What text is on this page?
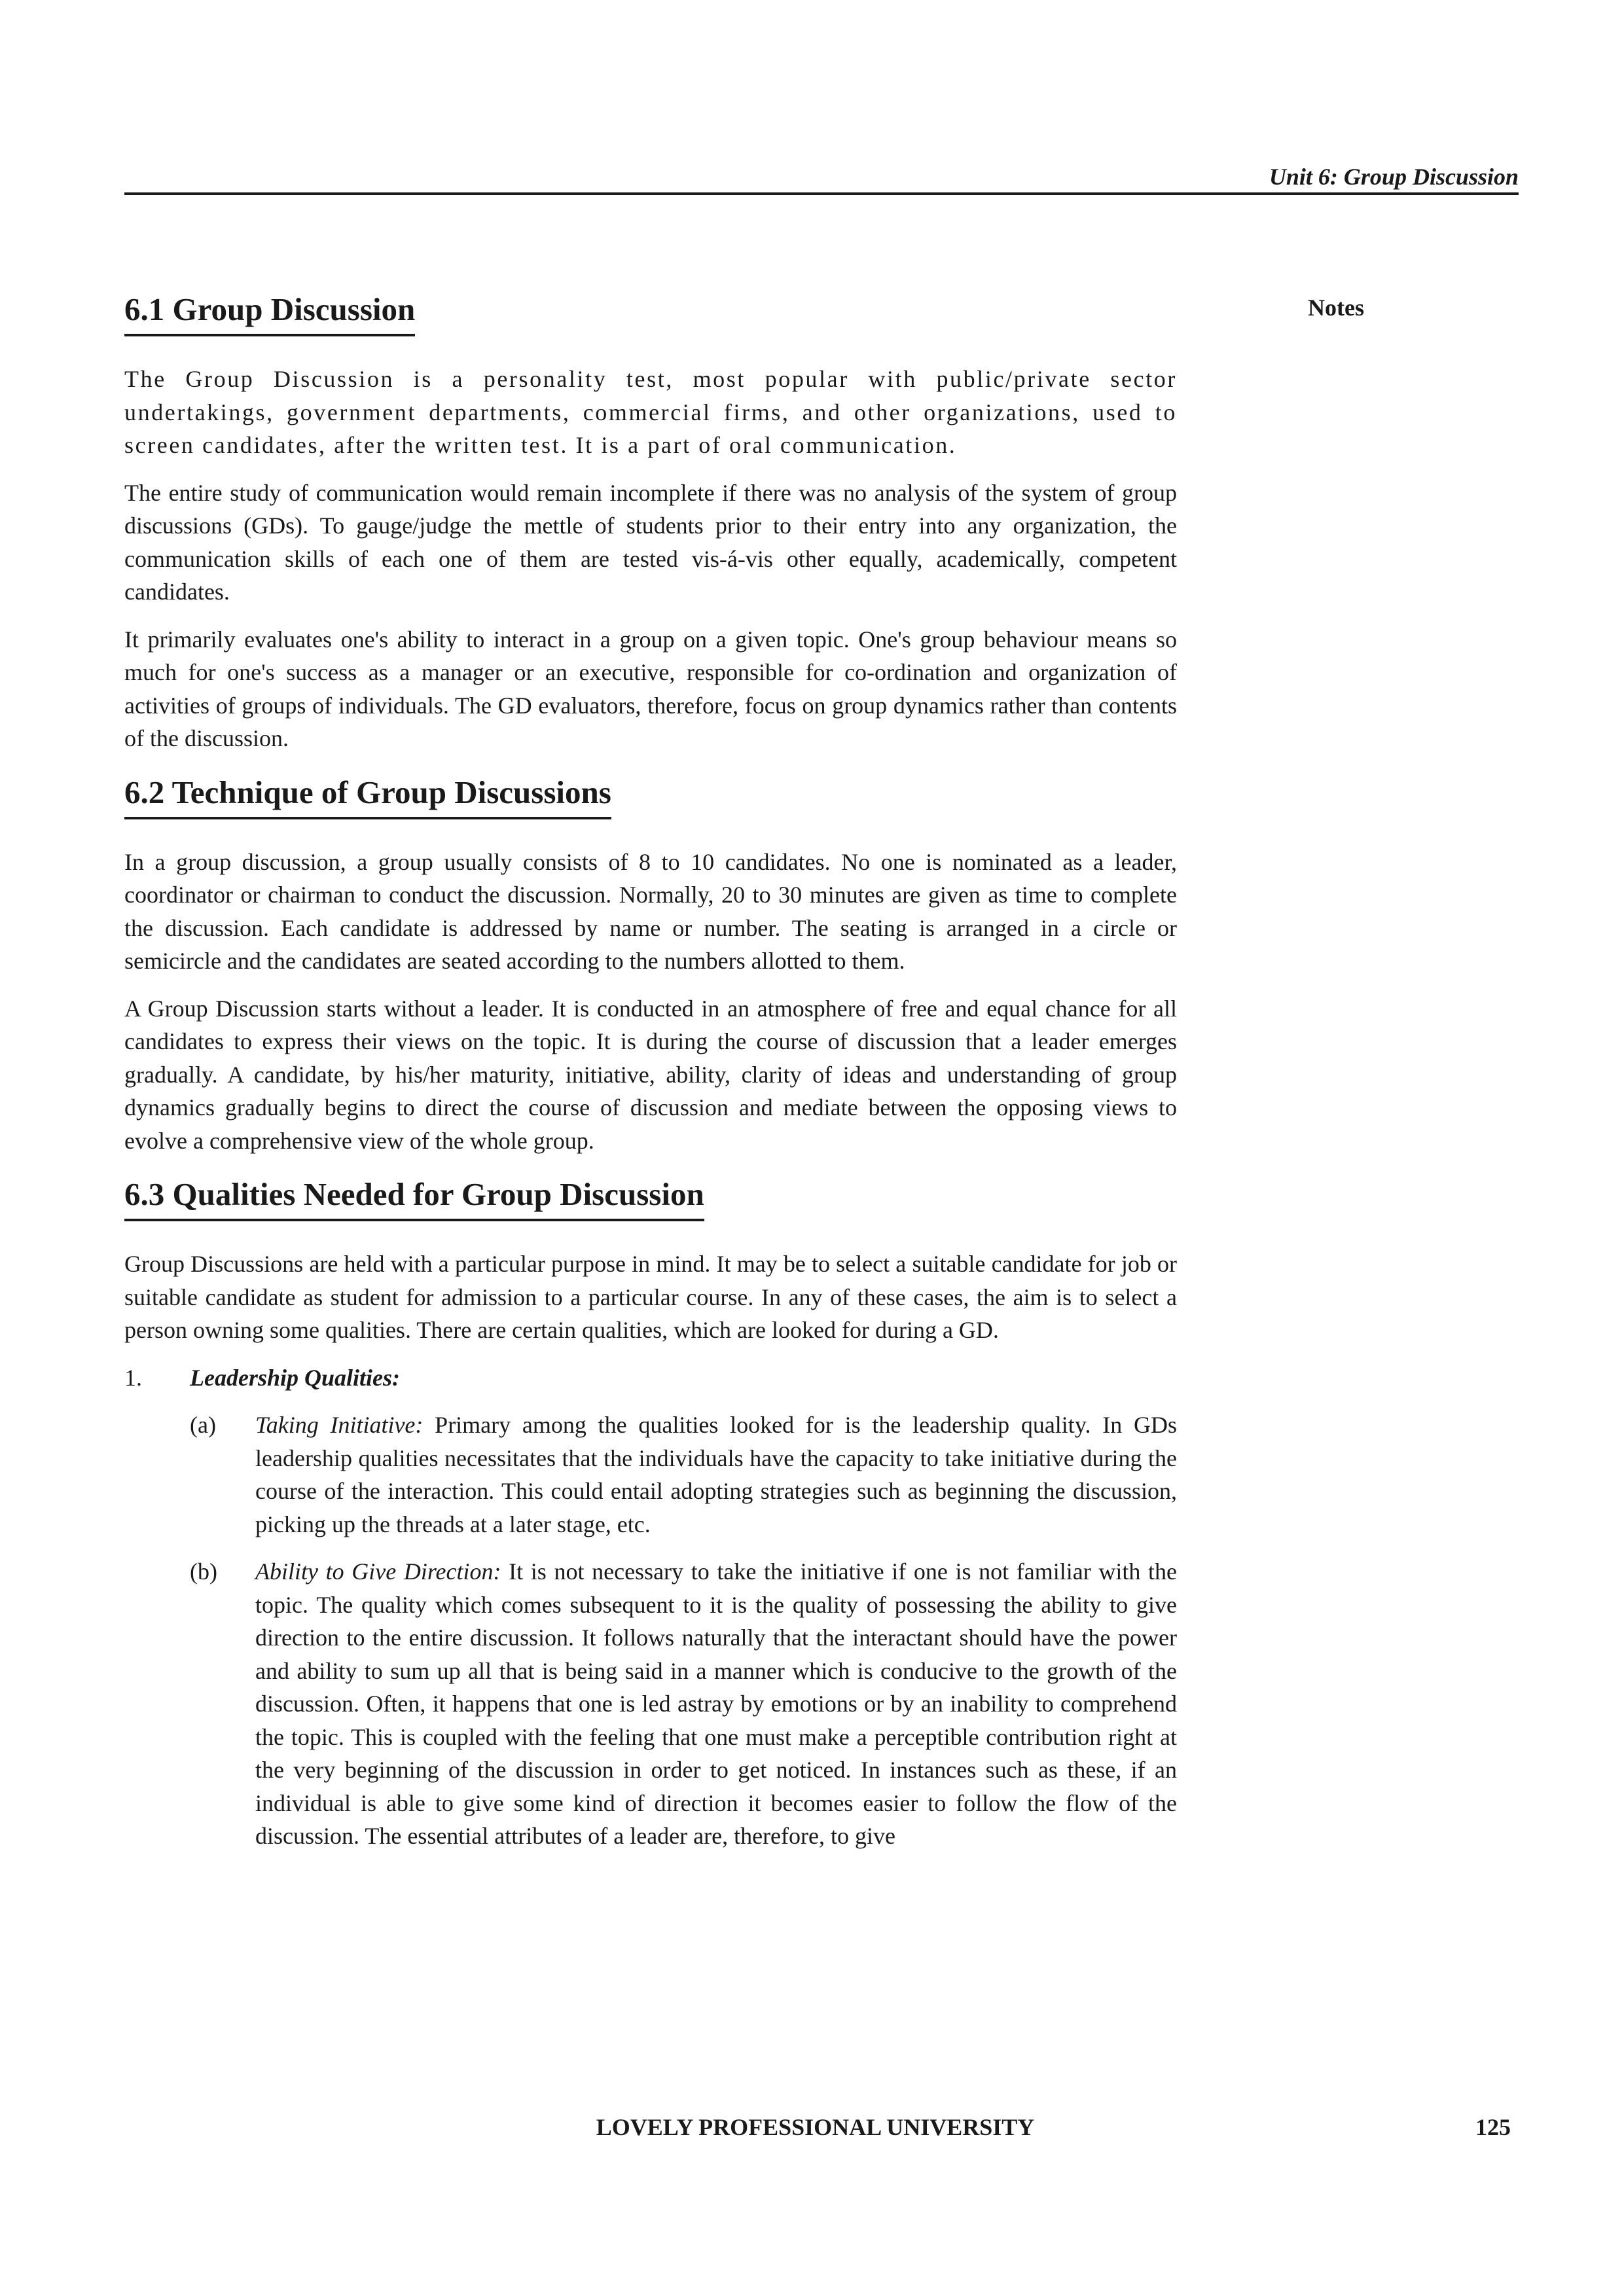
Unit 6: Group Discussion
Notes
6.1 Group Discussion

The Group Discussion is a personality test, most popular with public/private sector undertakings, government departments, commercial firms, and other organizations, used to screen candidates, after the written test. It is a part of oral communication.

The entire study of communication would remain incomplete if there was no analysis of the system of group discussions (GDs). To gauge/judge the mettle of students prior to their entry into any organization, the communication skills of each one of them are tested vis-á-vis other equally, academically, competent candidates.

It primarily evaluates one's ability to interact in a group on a given topic. One's group behaviour means so much for one's success as a manager or an executive, responsible for co-ordination and organization of activities of groups of individuals. The GD evaluators, therefore, focus on group dynamics rather than contents of the discussion.

6.2 Technique of Group Discussions

In a group discussion, a group usually consists of 8 to 10 candidates. No one is nominated as a leader, coordinator or chairman to conduct the discussion. Normally, 20 to 30 minutes are given as time to complete the discussion. Each candidate is addressed by name or number. The seating is arranged in a circle or semicircle and the candidates are seated according to the numbers allotted to them.

A Group Discussion starts without a leader. It is conducted in an atmosphere of free and equal chance for all candidates to express their views on the topic. It is during the course of discussion that a leader emerges gradually. A candidate, by his/her maturity, initiative, ability, clarity of ideas and understanding of group dynamics gradually begins to direct the course of discussion and mediate between the opposing views to evolve a comprehensive view of the whole group.

6.3 Qualities Needed for Group Discussion

Group Discussions are held with a particular purpose in mind. It may be to select a suitable candidate for job or suitable candidate as student for admission to a particular course. In any of these cases, the aim is to select a person owning some qualities. There are certain qualities, which are looked for during a GD.

1.	Leadership Qualities:
(a)	Taking Initiative: Primary among the qualities looked for is the leadership quality. In GDs leadership qualities necessitates that the individuals have the capacity to take initiative during the course of the interaction. This could entail adopting strategies such as beginning the discussion, picking up the threads at a later stage, etc.
(b)	Ability to Give Direction: It is not necessary to take the initiative if one is not familiar with the topic. The quality which comes subsequent to it is the quality of possessing the ability to give direction to the entire discussion. It follows naturally that the interactant should have the power and ability to sum up all that is being said in a manner which is conducive to the growth of the discussion. Often, it happens that one is led astray by emotions or by an inability to comprehend the topic. This is coupled with the feeling that one must make a perceptible contribution right at the very beginning of the discussion in order to get noticed. In instances such as these, if an individual is able to give some kind of direction it becomes easier to follow the flow of the discussion. The essential attributes of a leader are, therefore, to give
LOVELY PROFESSIONAL UNIVERSITY	125
